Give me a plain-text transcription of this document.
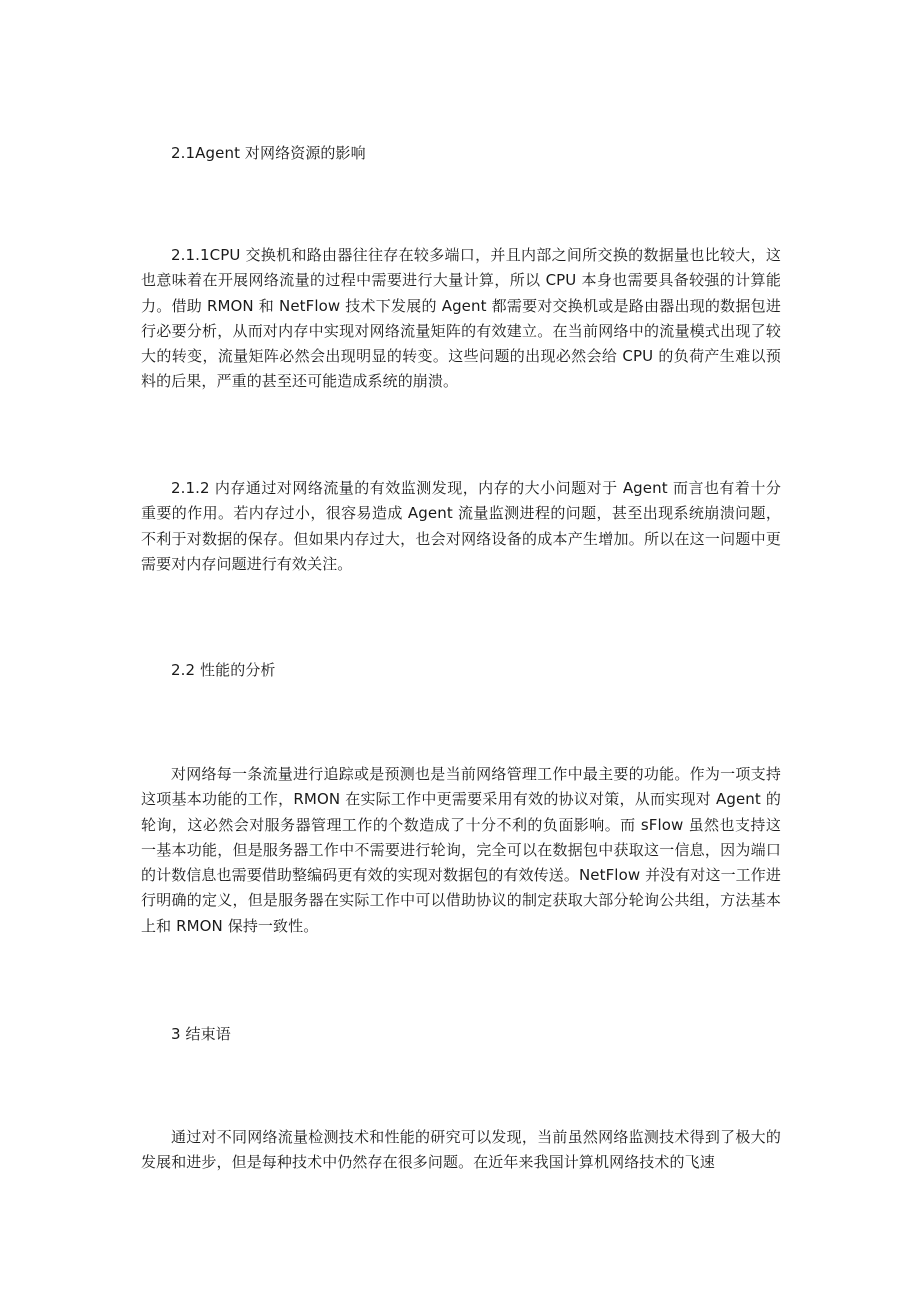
2.1Agent 对网络资源的影响
2.1.1CPU 交换机和路由器往往存在较多端口，并且内部之间所交换的数据量也比较大，这也意味着在开展网络流量的过程中需要进行大量计算，所以 CPU 本身也需要具备较强的计算能力。借助 RMON 和 NetFlow 技术下发展的 Agent 都需要对交换机或是路由器出现的数据包进行必要分析，从而对内存中实现对网络流量矩阵的有效建立。在当前网络中的流量模式出现了较大的转变，流量矩阵必然会出现明显的转变。这些问题的出现必然会给 CPU 的负荷产生难以预料的后果，严重的甚至还可能造成系统的崩溃。
2.1.2 内存通过对网络流量的有效监测发现，内存的大小问题对于 Agent 而言也有着十分重要的作用。若内存过小，很容易造成 Agent 流量监测进程的问题，甚至出现系统崩溃问题，不利于对数据的保存。但如果内存过大，也会对网络设备的成本产生增加。所以在这一问题中更需要对内存问题进行有效关注。
2.2 性能的分析
对网络每一条流量进行追踪或是预测也是当前网络管理工作中最主要的功能。作为一项支持这项基本功能的工作，RMON 在实际工作中更需要采用有效的协议对策，从而实现对 Agent 的轮询，这必然会对服务器管理工作的个数造成了十分不利的负面影响。而 sFlow 虽然也支持这一基本功能，但是服务器工作中不需要进行轮询，完全可以在数据包中获取这一信息，因为端口的计数信息也需要借助整编码更有效的实现对数据包的有效传送。NetFlow 并没有对这一工作进行明确的定义，但是服务器在实际工作中可以借助协议的制定获取大部分轮询公共组，方法基本上和 RMON 保持一致性。
3 结束语
通过对不同网络流量检测技术和性能的研究可以发现，当前虽然网络监测技术得到了极大的发展和进步，但是每种技术中仍然存在很多问题。在近年来我国计算机网络技术的飞速
